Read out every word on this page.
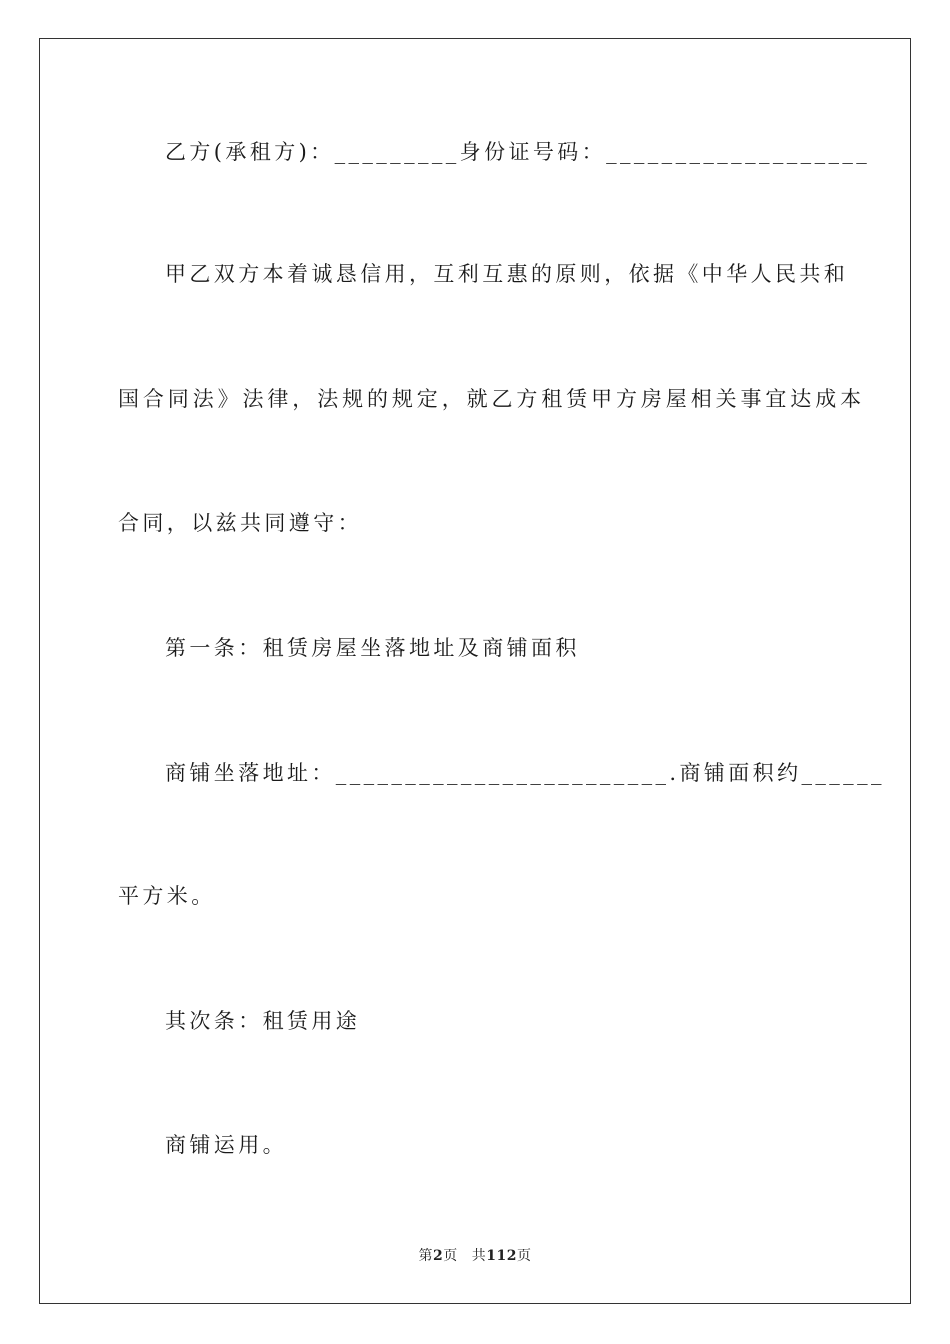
乙方(承租方)：_________身份证号码：___________________

甲乙双方本着诚恳信用，互利互惠的原则，依据《中华人民共和

国合同法》法律，法规的规定，就乙方租赁甲方房屋相关事宜达成本

合同，以兹共同遵守：

第一条：租赁房屋坐落地址及商铺面积

商铺坐落地址：________________________.商铺面积约______

平方米。

其次条：租赁用途

商铺运用。

第2页 共112页
